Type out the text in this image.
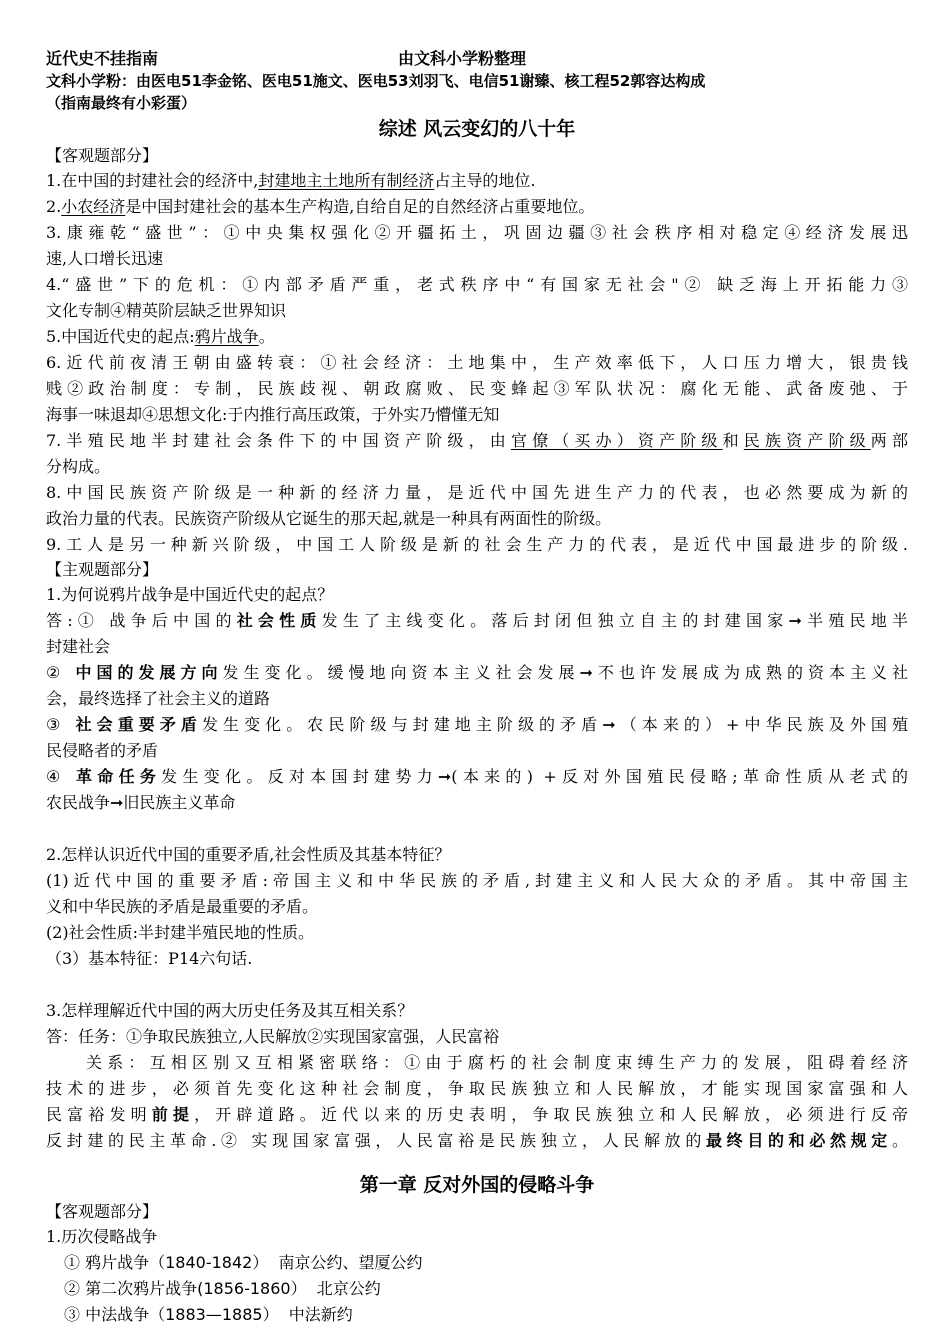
近代史不挂指南	由文科小学粉整理
文科小学粉：由医电51李金铭、医电51施文、医电53刘羽飞、电信51谢臻、核工程52郭容达构成
（指南最终有小彩蛋）
综述 风云变幻的八十年
【客观题部分】
1.在中国的封建社会的经济中,封建地主土地所有制经济占主导的地位.
2.小农经济是中国封建社会的基本生产构造,自给自足的自然经济占重要地位。
3.康雍乾“盛世”：①中央集权强化②开疆拓土，巩固边疆③社会秩序相对稳定④经济发展迅
速,人口增长迅速
4.“盛世”下的危机：①内部矛盾严重，老式秩序中“有国家无社会"② 缺乏海上开拓能力③
文化专制④精英阶层缺乏世界知识
5.中国近代史的起点:鸦片战争。
6.近代前夜清王朝由盛转衰：①社会经济：土地集中，生产效率低下，人口压力增大，银贵钱
贱②政治制度：专制，民族歧视、朝政腐败、民变蜂起③军队状况：腐化无能、武备废弛、于
海事一味退却④思想文化:于内推行高压政策，于外实乃懵懂无知
7.半殖民地半封建社会条件下的中国资产阶级，由官僚（买办）资产阶级和民族资产阶级两部
分构成。
8.中国民族资产阶级是一种新的经济力量，是近代中国先进生产力的代表，也必然要成为新的
政治力量的代表。民族资产阶级从它诞生的那天起,就是一种具有两面性的阶级。
9.工人是另一种新兴阶级，中国工人阶级是新的社会生产力的代表，是近代中国最进步的阶级.
【主观题部分】
1.为何说鸦片战争是中国近代史的起点？
答:① 战争后中国的社会性质发生了主线变化。落后封闭但独立自主的封建国家➞半殖民地半
封建社会
② 中国的发展方向发生变化。缓慢地向资本主义社会发展➞不也许发展成为成熟的资本主义社
会，最终选择了社会主义的道路
③ 社会重要矛盾发生变化。农民阶级与封建地主阶级的矛盾➞（本来的）+中华民族及外国殖
民侵略者的矛盾
④ 革命任务发生变化。反对本国封建势力➞(本来的) +反对外国殖民侵略;革命性质从老式的
农民战争➞旧民族主义革命
2.怎样认识近代中国的重要矛盾,社会性质及其基本特征？
(1)近代中国的重要矛盾:帝国主义和中华民族的矛盾,封建主义和人民大众的矛盾。其中帝国主
义和中华民族的矛盾是最重要的矛盾。
(2)社会性质:半封建半殖民地的性质。
（3）基本特征：P14六句话.
3.怎样理解近代中国的两大历史任务及其互相关系？
答：任务：①争取民族独立,人民解放②实现国家富强，人民富裕
关系：互相区别又互相紧密联络：①由于腐朽的社会制度束缚生产力的发展，阻碍着经济
技术的进步，必须首先变化这种社会制度，争取民族独立和人民解放，才能实现国家富强和人
民富裕发明前提，开辟道路。近代以来的历史表明，争取民族独立和人民解放，必须进行反帝
反封建的民主革命.② 实现国家富强，人民富裕是民族独立，人民解放的最终目的和必然规定。
第一章 反对外国的侵略斗争
【客观题部分】
1.历次侵略战争
① 鸦片战争（1840-1842） 南京公约、望厦公约
② 第二次鸦片战争(1856-1860） 北京公约
③ 中法战争（1883—1885） 中法新约
